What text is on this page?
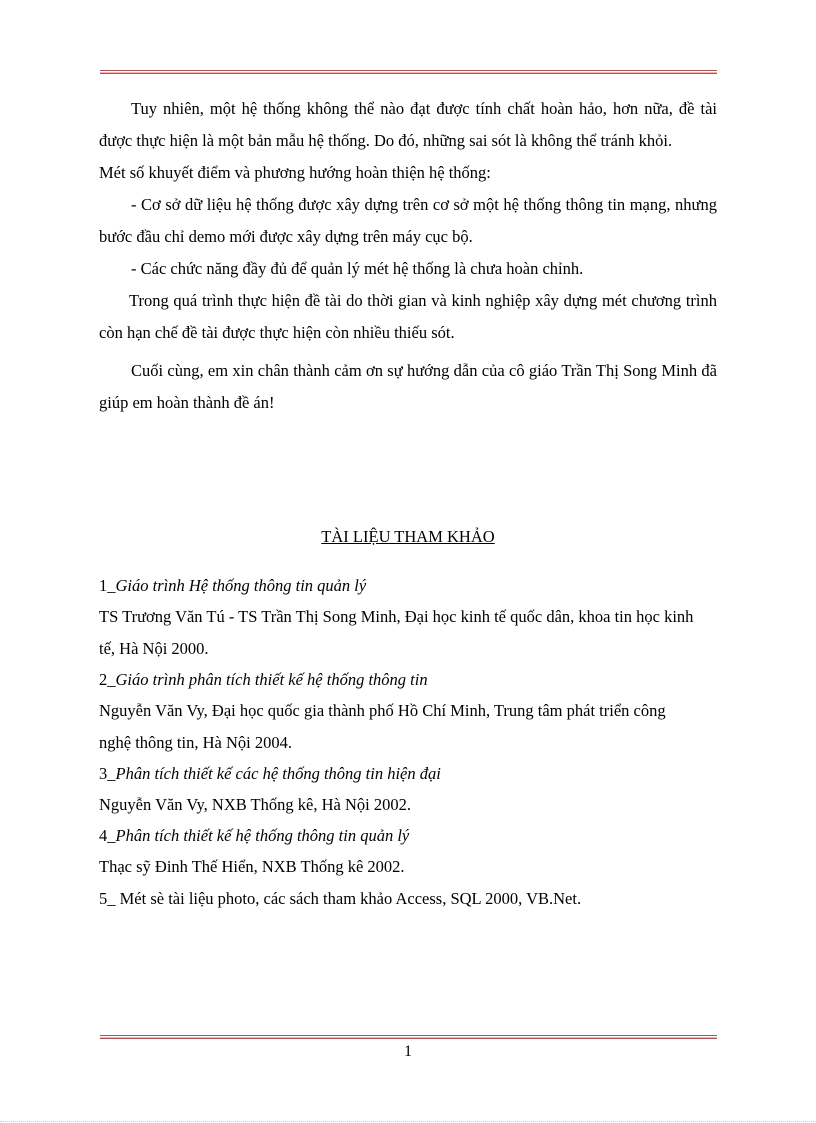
Tuy nhiên, một hệ thống không thể nào đạt được tính chất hoàn hảo, hơn nữa, đề tài được thực hiện là một bản mẫu hệ thống. Do đó, những sai sót là không thể tránh khỏi.

Mét số khuyết điểm và phương hướng hoàn thiện hệ thống:

- Cơ sở dữ liệu hệ thống được xây dựng trên cơ sở một hệ thống thông tin mạng, nhưng bước đầu chỉ demo mới được xây dựng trên máy cục bộ.

- Các chức năng đầy đủ để quản lý mét hệ thống là chưa hoàn chỉnh.

Trong quá trình thực hiện đề tài do thời gian và kinh nghiệp xây dựng mét chương trình còn hạn chế đề tài được thực hiện còn nhiều thiếu sót.

Cuối cùng, em xin chân thành cảm ơn sự hướng dẫn của cô giáo Trần Thị Song Minh đã giúp em hoàn thành đề án!

TÀI LIỆU THAM KHẢO
1_Giáo trình Hệ thống thông tin quản lý
TS Trương Văn Tú - TS Trần Thị Song Minh, Đại học kinh tế quốc dân, khoa tin học kinh tế, Hà Nội 2000.
2_Giáo trình phân tích thiết kế hệ thống thông tin
Nguyễn Văn Vy, Đại học quốc gia thành phố Hồ Chí Minh, Trung tâm phát triển công nghệ thông tin, Hà Nội 2004.
3_Phân tích thiết kế các hệ thống thông tin hiện đại
Nguyễn Văn Vy, NXB Thống kê, Hà Nội 2002.
4_Phân tích thiết kế hệ thống thông tin quản lý
Thạc sỹ Đinh Thế Hiển, NXB Thống kê 2002.
5_ Mét sè tài liệu photo, các sách tham khảo Access, SQL 2000, VB.Net.
1
